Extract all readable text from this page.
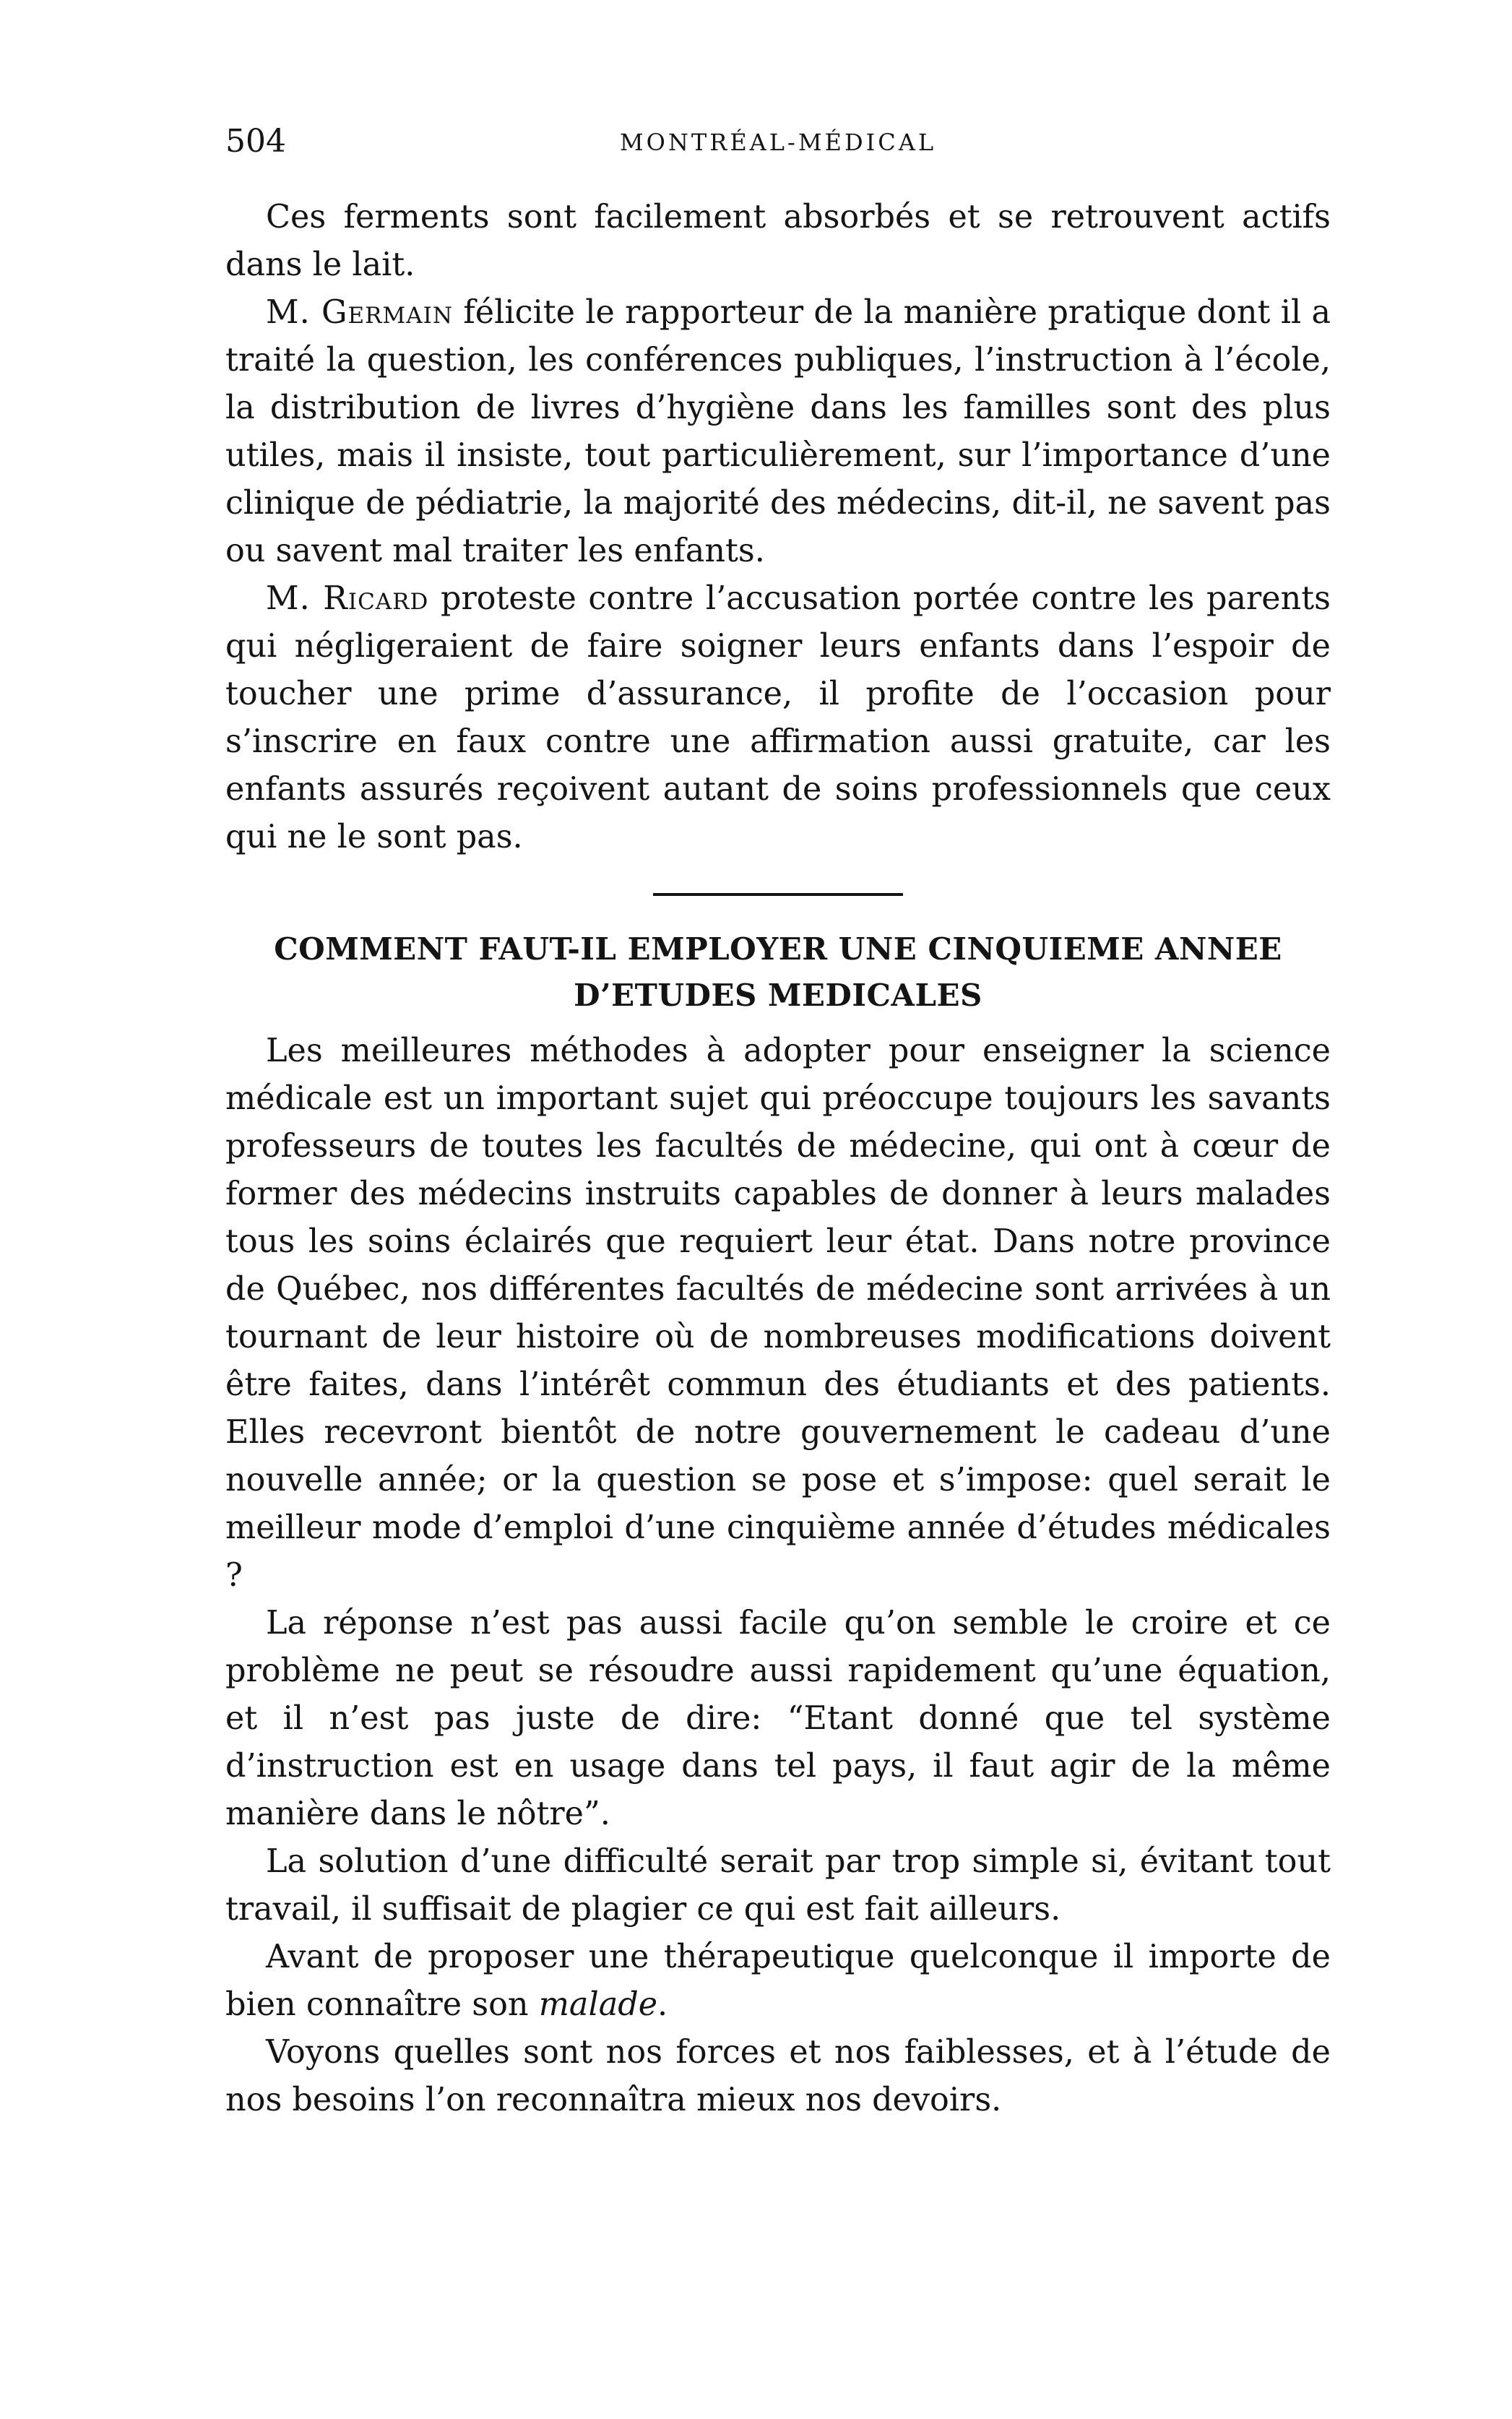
504	MONTRÉAL-MÉDICAL

Ces ferments sont facilement absorbés et se retrouvent actifs dans le lait.

M. Germain félicite le rapporteur de la manière pratique dont il a traité la question, les conférences publiques, l’instruction à l’école, la distribution de livres d’hygiène dans les familles sont des plus utiles, mais il insiste, tout particulièrement, sur l’importance d’une clinique de pédiatrie, la majorité des médecins, dit-il, ne savent pas ou savent mal traiter les enfants.

M. Ricard proteste contre l’accusation portée contre les parents qui négligeraient de faire soigner leurs enfants dans l’espoir de toucher une prime d’assurance, il profite de l’occasion pour s’inscrire en faux contre une affirmation aussi gratuite, car les enfants assurés reçoivent autant de soins professionnels que ceux qui ne le sont pas.

COMMENT FAUT-IL EMPLOYER UNE CINQUIEME ANNEE
D’ETUDES MEDICALES

Les meilleures méthodes à adopter pour enseigner la science médicale est un important sujet qui préoccupe toujours les savants professeurs de toutes les facultés de médecine, qui ont à cœur de former des médecins instruits capables de donner à leurs malades tous les soins éclairés que requiert leur état. Dans notre province de Québec, nos différentes facultés de médecine sont arrivées à un tournant de leur histoire où de nombreuses modifications doivent être faites, dans l’intérêt commun des étudiants et des patients. Elles recevront bientôt de notre gouvernement le cadeau d’une nouvelle année; or la question se pose et s’impose: quel serait le meilleur mode d’emploi d’une cinquième année d’études médicales ?

La réponse n’est pas aussi facile qu’on semble le croire et ce problème ne peut se résoudre aussi rapidement qu’une équation, et il n’est pas juste de dire: “Etant donné que tel système d’instruction est en usage dans tel pays, il faut agir de la même manière dans le nôtre”.

La solution d’une difficulté serait par trop simple si, évitant tout travail, il suffisait de plagier ce qui est fait ailleurs.

Avant de proposer une thérapeutique quelconque il importe de bien connaître son malade.

Voyons quelles sont nos forces et nos faiblesses, et à l’étude de nos besoins l’on reconnaîtra mieux nos devoirs.
